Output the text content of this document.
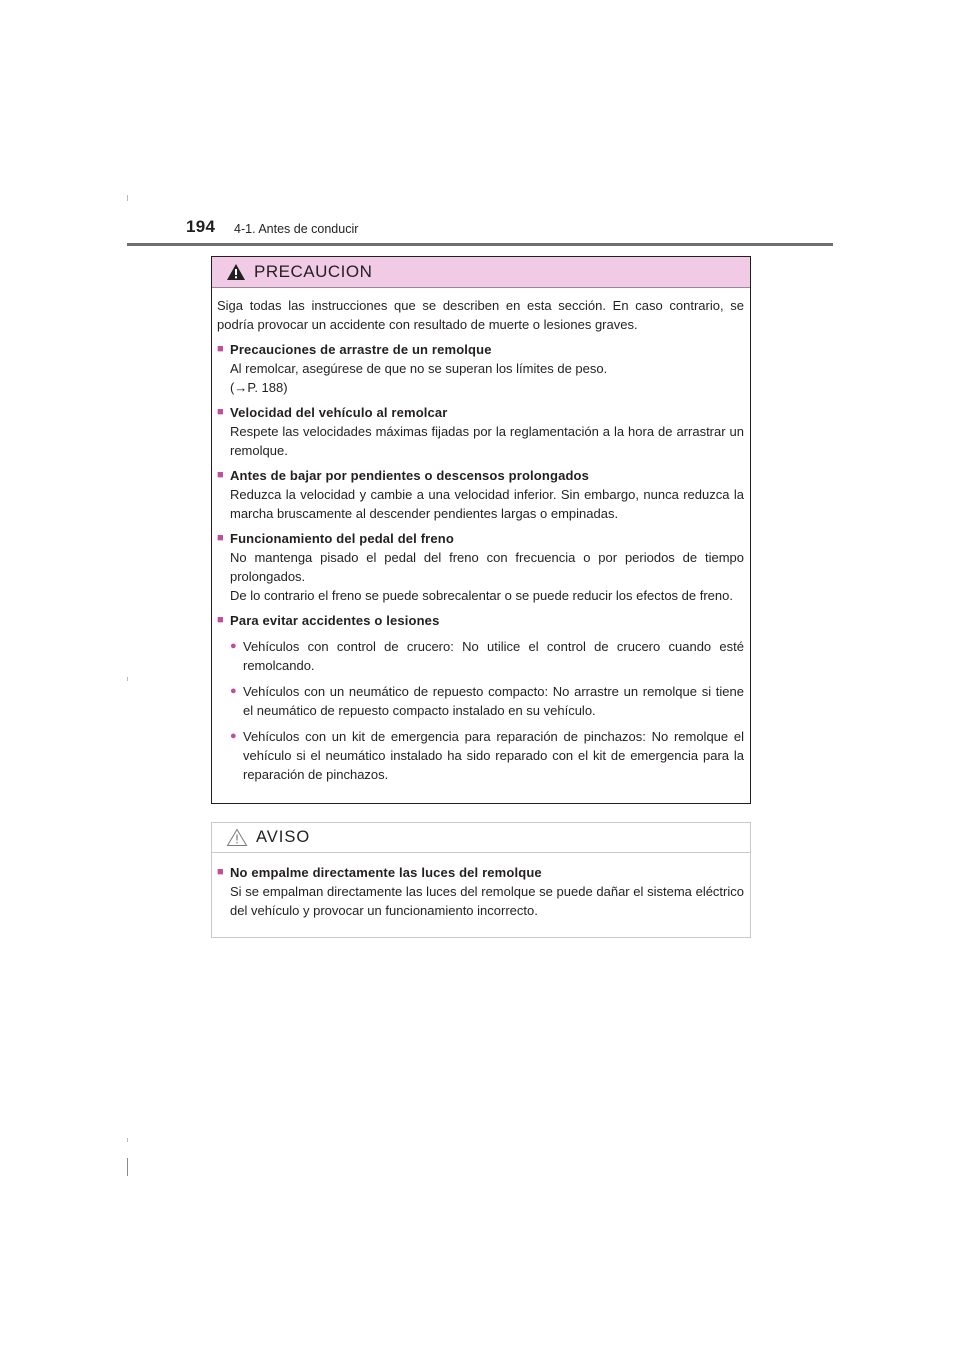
194 4-1. Antes de conducir
PRECAUCION
Siga todas las instrucciones que se describen en esta sección. En caso contrario, se podría provocar un accidente con resultado de muerte o lesiones graves.
■ Precauciones de arrastre de un remolque
Al remolcar, asegúrese de que no se superan los límites de peso.
(→P. 188)
■ Velocidad del vehículo al remolcar
Respete las velocidades máximas fijadas por la reglamentación a la hora de arrastrar un remolque.
■ Antes de bajar por pendientes o descensos prolongados
Reduzca la velocidad y cambie a una velocidad inferior. Sin embargo, nunca reduzca la marcha bruscamente al descender pendientes largas o empinadas.
■ Funcionamiento del pedal del freno
No mantenga pisado el pedal del freno con frecuencia o por periodos de tiempo prolongados.
De lo contrario el freno se puede sobrecalentar o se puede reducir los efectos de freno.
■ Para evitar accidentes o lesiones
● Vehículos con control de crucero: No utilice el control de crucero cuando esté remolcando.
● Vehículos con un neumático de repuesto compacto: No arrastre un remolque si tiene el neumático de repuesto compacto instalado en su vehículo.
● Vehículos con un kit de emergencia para reparación de pinchazos: No remolque el vehículo si el neumático instalado ha sido reparado con el kit de emergencia para la reparación de pinchazos.
AVISO
■ No empalme directamente las luces del remolque
Si se empalman directamente las luces del remolque se puede dañar el sistema eléctrico del vehículo y provocar un funcionamiento incorrecto.
